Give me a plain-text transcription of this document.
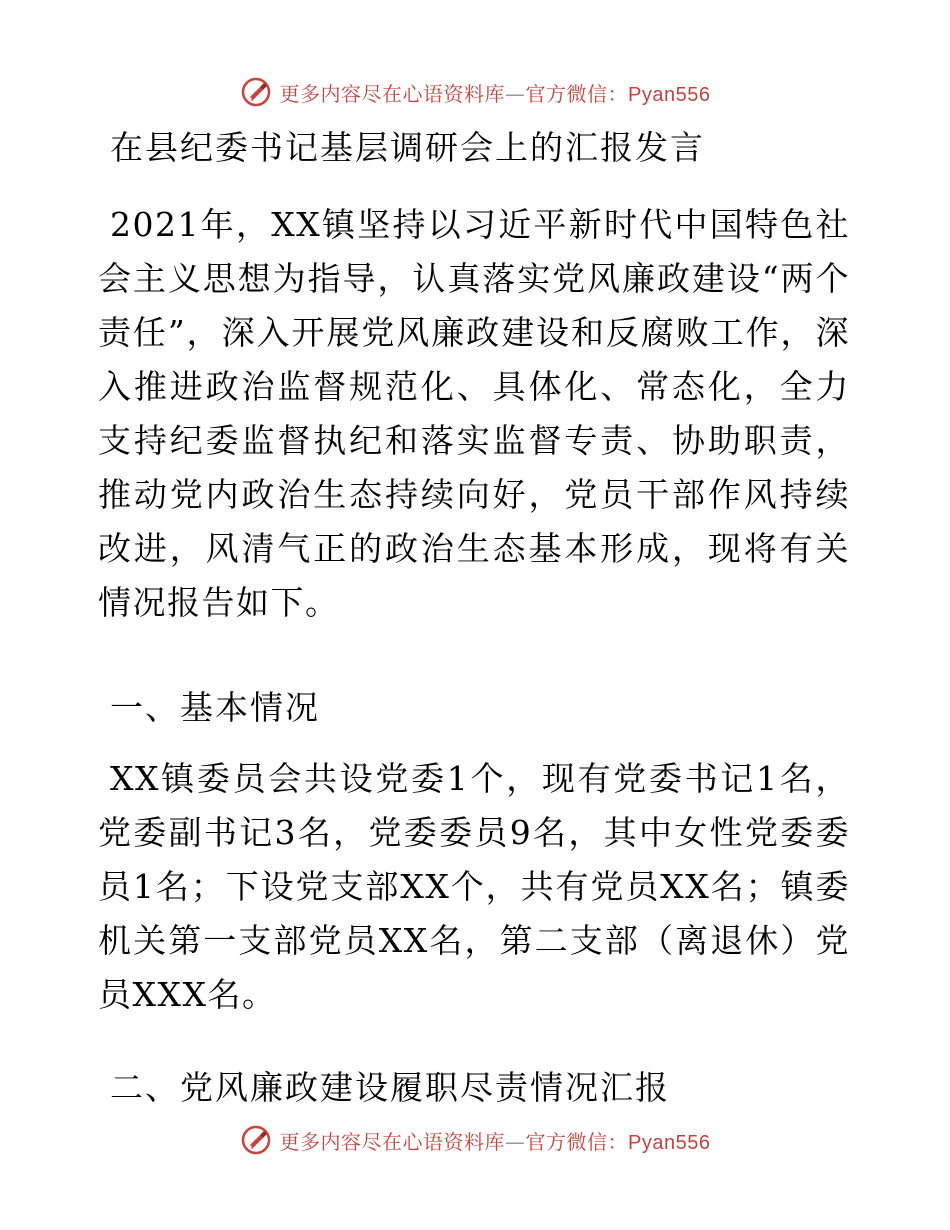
更多内容尽在心语资料库—官方微信：Pyan556
在县纪委书记基层调研会上的汇报发言
2021年，XX镇坚持以习近平新时代中国特色社会主义思想为指导，认真落实党风廉政建设“两个责任”，深入开展党风廉政建设和反腐败工作，深入推进政治监督规范化、具体化、常态化，全力支持纪委监督执纪和落实监督专责、协助职责，推动党内政治生态持续向好，党员干部作风持续改进，风清气正的政治生态基本形成，现将有关情况报告如下。
一、基本情况
XX镇委员会共设党委1个，现有党委书记1名，党委副书记3名，党委委员9名，其中女性党委委员1名；下设党支部XX个，共有党员XX名；镇委机关第一支部党员XX名，第二支部（离退休）党员XXX名。
二、党风廉政建设履职尽责情况汇报
更多内容尽在心语资料库—官方微信：Pyan556
